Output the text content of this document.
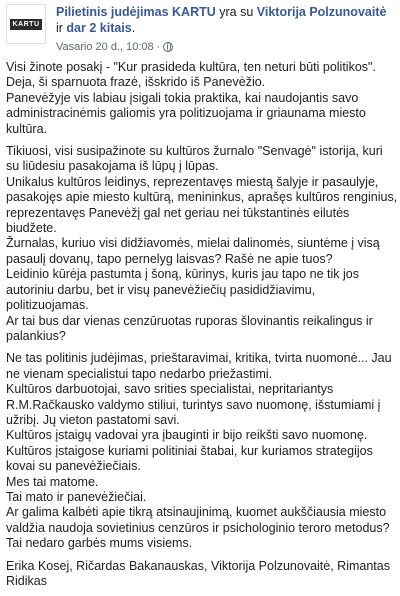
KARTU
Pilietinis judėjimas KARTU yra su Viktorija Polzunovaitė ir dar 2 kitais.
Vasario 20 d., 10:08 ·

Visi žinote posakį - "Kur prasideda kultūra, ten neturi būti politikos".
Deja, ši sparnuota frazė, išskrido iš Panevėžio.
Panevėžyje vis labiau įsigali tokia praktika, kai naudojantis savo administracinėmis galiomis yra politizuojama ir griaunama miesto kultūra.

Tikiuosi, visi susipažinote su kultūros žurnalo "Senvagė" istorija, kuri su liūdesiu pasakojama iš lūpų į lūpas.
Unikalus kultūros leidinys, reprezentavęs miestą šalyje ir pasaulyje, pasakojęs apie miesto kultūrą, menininkus, aprašęs kultūros renginius, reprezentavęs Panevėžį gal net geriau nei tūkstantinės eilutės biudžete.
Žurnalas, kuriuo visi didžiavomės, mielai dalinomės, siuntėme į visą pasaulį dovanų, tapo pernelyg laisvas? Rašė ne apie tuos?
Leidinio kūrėja pastumta į šoną, kūrinys, kuris jau tapo ne tik jos autoriniu darbu, bet ir visų panevėžiečių pasididžiavimu, politizuojamas.
Ar tai bus dar vienas cenzūruotas ruporas šlovinantis reikalingus ir palankius?

Ne tas politinis judėjimas, prieštaravimai, kritika, tvirta nuomonė... Jau ne vienam specialistui tapo nedarbo priežastimi.
Kultūros darbuotojai, savo srities specialistai, nepritariantys R.M.Račkausko valdymo stiliui, turintys savo nuomonę, išstumiami į užribį. Jų vieton pastatomi savi.
Kultūros įstaigų vadovai yra įbauginti ir bijo reikšti savo nuomonę.
Kultūros įstaigose kuriami politiniai štabai, kur kuriamos strategijos kovai su panevėžiečiais.
Mes tai matome.
Tai mato ir panevėžiečiai.
Ar galima kalbėti apie tikrą atsinaujinimą, kuomet aukščiausia miesto valdžia naudoja sovietinius cenzūros ir psichologinio teroro metodus?
Tai nedaro garbės mums visiems.

Erika Kosej, Ričardas Bakanauskas, Viktorija Polzunovaitė, Rimantas Ridikas
